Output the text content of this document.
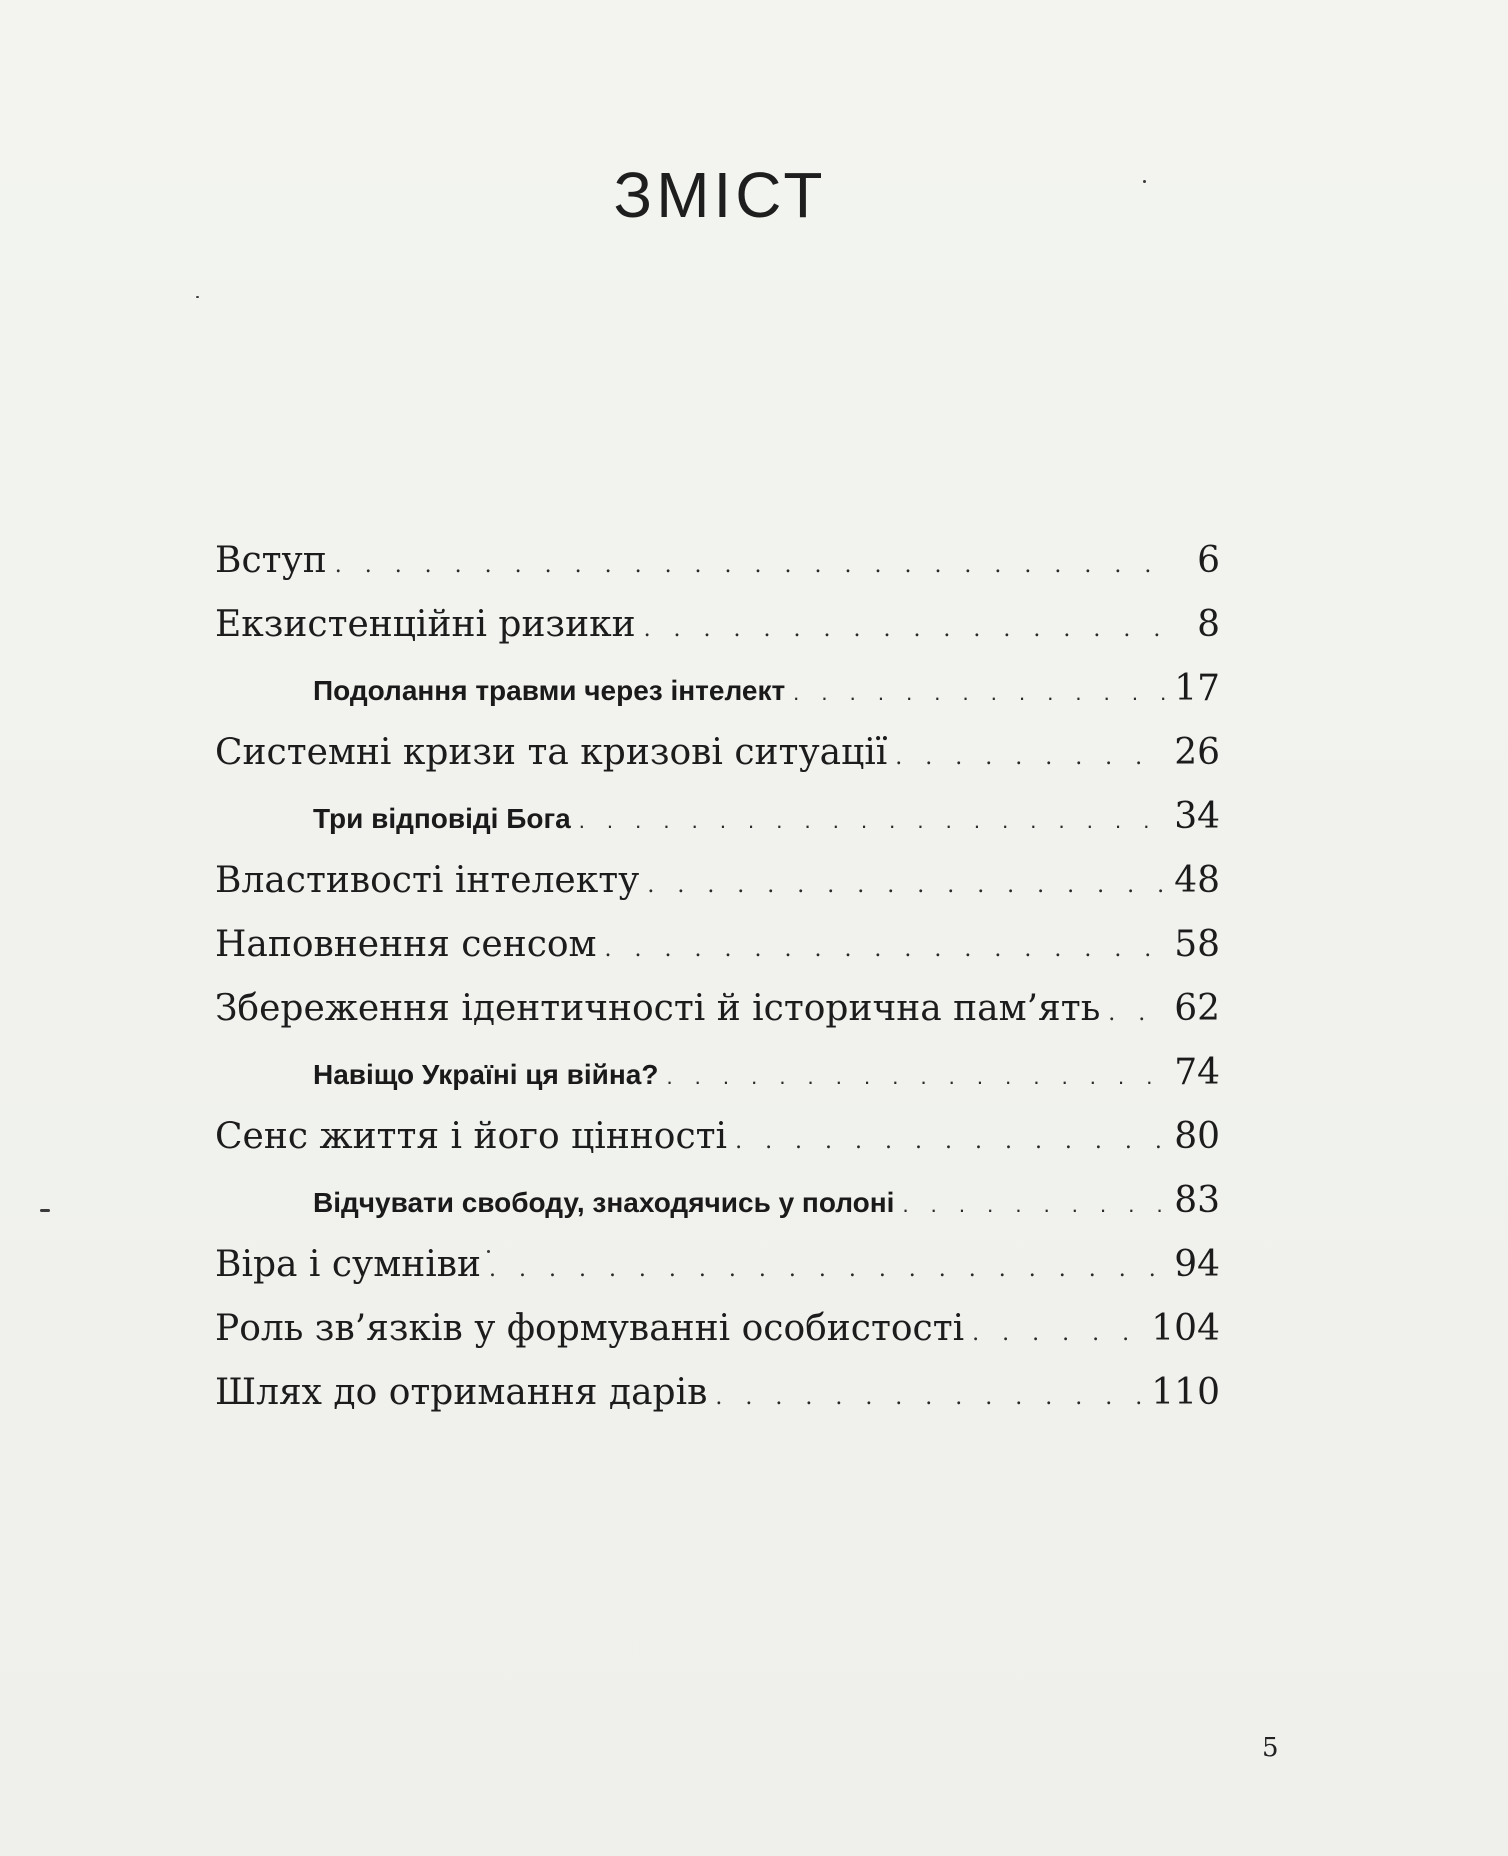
ЗМІСТ
Вступ . . .	6
Екзистенційні ризики . . .	8
Подолання травми через інтелект . . .	17
Системні кризи та кризові ситуації . . .	26
Три відповіді Бога . . .	34
Властивості інтелекту . . .	48
Наповнення сенсом . . .	58
Збереження ідентичності й історична пам’ять . . . 62
Навіщо Україні ця війна? . . .	74
Сенс життя і його цінності . . .	80
Відчувати свободу, знаходячись у полоні . . .	83
Віра і сумніви . . .	94
Роль зв’язків у формуванні особистості . . .	104
Шлях до отримання дарів . . .	110
5
